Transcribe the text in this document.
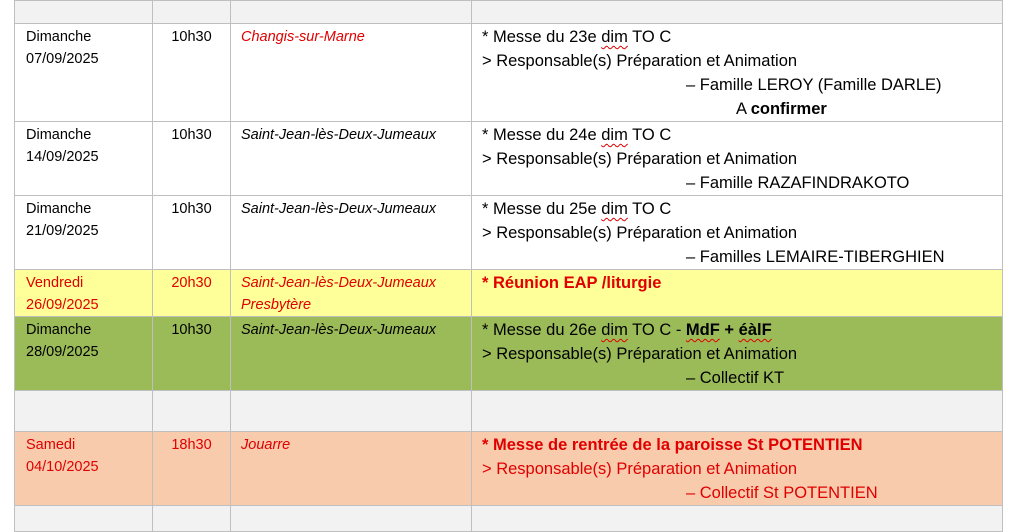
Dimanche
07/09/2025	10h30	Changis-sur-Marne	* Messe du 23e dim TO C
> Responsable(s) Préparation et Animation
– Famille LEROY (Famille DARLE)
A confirmer

Dimanche
14/09/2025	10h30	Saint-Jean-lès-Deux-Jumeaux	* Messe du 24e dim TO C
> Responsable(s) Préparation et Animation
– Famille RAZAFINDRAKOTO

Dimanche
21/09/2025	10h30	Saint-Jean-lès-Deux-Jumeaux	* Messe du 25e dim TO C
> Responsable(s) Préparation et Animation
– Familles LEMAIRE-TIBERGHIEN

Vendredi
26/09/2025	20h30	Saint-Jean-lès-Deux-Jumeaux
Presbytère	* Réunion EAP /liturgie

Dimanche
28/09/2025	10h30	Saint-Jean-lès-Deux-Jumeaux	* Messe du 26e dim TO C - MdF + éàlF
> Responsable(s) Préparation et Animation
– Collectif KT

Samedi
04/10/2025	18h30	Jouarre	* Messe de rentrée de la paroisse St POTENTIEN
> Responsable(s) Préparation et Animation
– Collectif St POTENTIEN
